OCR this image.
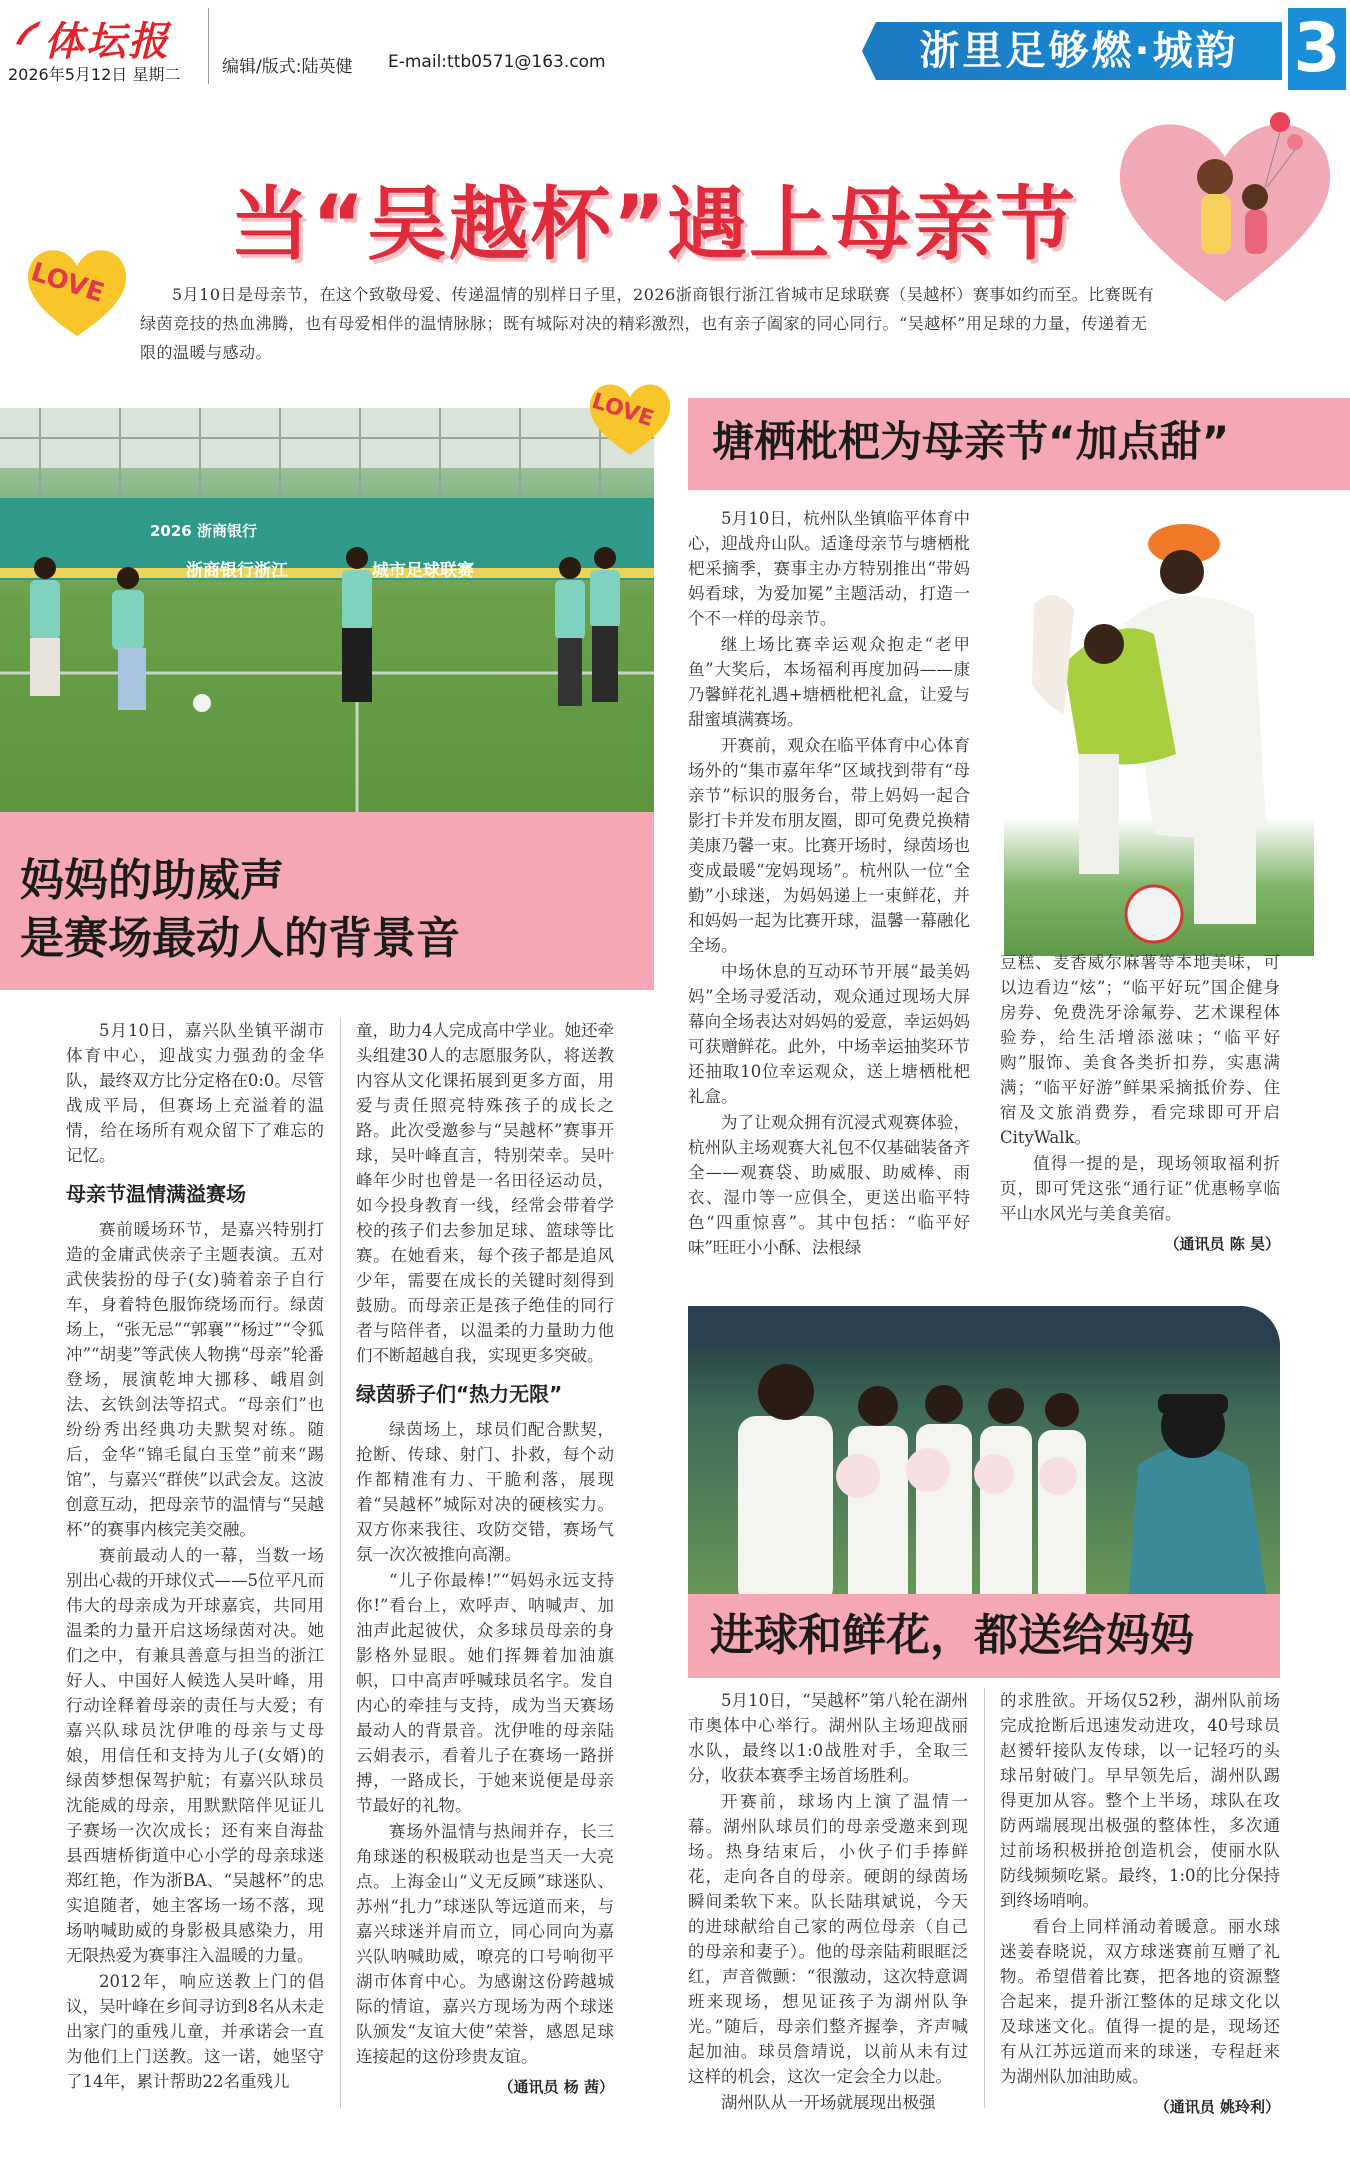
体坛报
2026年5月12日 星期二 编辑/版式:陆英健 E-mail:ttb0571@163.com	浙里足够燃·城韵 3
当“吴越杯”遇上母亲节
LOVE	5月10日是母亲节，在这个致敬母爱、传递温情的别样日子里，2026浙商银行浙江省城市足球联赛（吴越杯）赛事如约而至。比赛既有绿茵竞技的热血沸腾，也有母爱相伴的温情脉脉；既有城际对决的精彩激烈，也有亲子阖家的同心同行。“吴越杯”用足球的力量，传递着无限的温暖与感动。
2026 浙商银行
浙商银行浙江	城市足球联赛
LOVE
妈妈的助威声
是赛场最动人的背景音

5月10日，嘉兴队坐镇平湖市体育中心，迎战实力强劲的金华队，最终双方比分定格在0:0。尽管战成平局，但赛场上充溢着的温情，给在场所有观众留下了难忘的记忆。

母亲节温情满溢赛场

赛前暖场环节，是嘉兴特别打造的金庸武侠亲子主题表演。五对武侠装扮的母子(女)骑着亲子自行车，身着特色服饰绕场而行。绿茵场上，“张无忌”“郭襄”“杨过”“令狐冲”“胡斐”等武侠人物携“母亲”轮番登场，展演乾坤大挪移、峨眉剑法、玄铁剑法等招式。“母亲们”也纷纷秀出经典功夫默契对练。随后，金华“锦毛鼠白玉堂”前来“踢馆”，与嘉兴“群侠”以武会友。这波创意互动，把母亲节的温情与“吴越杯”的赛事内核完美交融。

赛前最动人的一幕，当数一场别出心裁的开球仪式——5位平凡而伟大的母亲成为开球嘉宾，共同用温柔的力量开启这场绿茵对决。她们之中，有兼具善意与担当的浙江好人、中国好人候选人吴叶峰，用行动诠释着母亲的责任与大爱；有嘉兴队球员沈伊唯的母亲与丈母娘，用信任和支持为儿子(女婿)的绿茵梦想保驾护航；有嘉兴队球员沈能威的母亲，用默默陪伴见证儿子赛场一次次成长；还有来自海盐县西塘桥街道中心小学的母亲球迷郑红艳，作为浙BA、“吴越杯”的忠实追随者，她主客场一场不落，现场呐喊助威的身影极具感染力，用无限热爱为赛事注入温暖的力量。

2012年，响应送教上门的倡议，吴叶峰在乡间寻访到8名从未走出家门的重残儿童，并承诺会一直为他们上门送教。这一诺，她坚守了14年，累计帮助22名重残儿

童，助力4人完成高中学业。她还牵头组建30人的志愿服务队，将送教内容从文化课拓展到更多方面，用爱与责任照亮特殊孩子的成长之路。此次受邀参与“吴越杯”赛事开球，吴叶峰直言，特别荣幸。吴叶峰年少时也曾是一名田径运动员，如今投身教育一线，经常会带着学校的孩子们去参加足球、篮球等比赛。在她看来，每个孩子都是追风少年，需要在成长的关键时刻得到鼓励。而母亲正是孩子绝佳的同行者与陪伴者，以温柔的力量助力他们不断超越自我，实现更多突破。

绿茵骄子们“热力无限”

绿茵场上，球员们配合默契，抢断、传球、射门、扑救，每个动作都精准有力、干脆利落，展现着“吴越杯”城际对决的硬核实力。双方你来我往、攻防交错，赛场气氛一次次被推向高潮。

“儿子你最棒!”“妈妈永远支持你!”看台上，欢呼声、呐喊声、加油声此起彼伏，众多球员母亲的身影格外显眼。她们挥舞着加油旗帜，口中高声呼喊球员名字。发自内心的牵挂与支持，成为当天赛场最动人的背景音。沈伊唯的母亲陆云娟表示，看着儿子在赛场一路拼搏，一路成长，于她来说便是母亲节最好的礼物。

赛场外温情与热闹并存，长三角球迷的积极联动也是当天一大亮点。上海金山“义无反顾”球迷队、苏州“扎力”球迷队等远道而来，与嘉兴球迷并肩而立，同心同向为嘉兴队呐喊助威，嘹亮的口号响彻平湖市体育中心。为感谢这份跨越城际的情谊，嘉兴方现场为两个球迷队颁发“友谊大使”荣誉，感恩足球连接起的这份珍贵友谊。

（通讯员 杨 茜）
塘栖枇杷为母亲节“加点甜”

5月10日，杭州队坐镇临平体育中心，迎战舟山队。适逢母亲节与塘栖枇杷采摘季，赛事主办方特别推出“带妈妈看球，为爱加冕”主题活动，打造一个不一样的母亲节。

继上场比赛幸运观众抱走“老甲鱼”大奖后，本场福利再度加码——康乃馨鲜花礼遇+塘栖枇杷礼盒，让爱与甜蜜填满赛场。

开赛前，观众在临平体育中心体育场外的“集市嘉年华”区域找到带有“母亲节”标识的服务台，带上妈妈一起合影打卡并发布朋友圈，即可免费兑换精美康乃馨一束。比赛开场时，绿茵场也变成最暖“宠妈现场”。杭州队一位“全勤”小球迷，为妈妈递上一束鲜花，并和妈妈一起为比赛开球，温馨一幕融化全场。

中场休息的互动环节开展“最美妈妈”全场寻爱活动，观众通过现场大屏幕向全场表达对妈妈的爱意，幸运妈妈可获赠鲜花。此外，中场幸运抽奖环节还抽取10位幸运观众，送上塘栖枇杷礼盒。

为了让观众拥有沉浸式观赛体验，杭州队主场观赛大礼包不仅基础装备齐全——观赛袋、助威服、助威棒、雨衣、湿巾等一应俱全，更送出临平特色“四重惊喜”。其中包括：“临平好味”旺旺小小酥、法根绿

豆糕、麦香威尔麻薯等本地美味，可以边看边“炫”；“临平好玩”国企健身房券、免费洗牙涂氟券、艺术课程体验券，给生活增添滋味；“临平好购”服饰、美食各类折扣券，实惠满满；“临平好游”鲜果采摘抵价券、住宿及文旅消费券，看完球即可开启CityWalk。

值得一提的是，现场领取福利折页，即可凭这张“通行证”优惠畅享临平山水风光与美食美宿。

（通讯员 陈 昊）
进球和鲜花，都送给妈妈

5月10日，“吴越杯”第八轮在湖州市奥体中心举行。湖州队主场迎战丽水队，最终以1:0战胜对手，全取三分，收获本赛季主场首场胜利。

开赛前，球场内上演了温情一幕。湖州队球员们的母亲受邀来到现场。热身结束后，小伙子们手捧鲜花，走向各自的母亲。硬朗的绿茵场瞬间柔软下来。队长陆琪斌说，今天的进球献给自己家的两位母亲（自己的母亲和妻子）。他的母亲陆莉眼眶泛红，声音微颤：“很激动，这次特意调班来现场，想见证孩子为湖州队争光。”随后，母亲们整齐握拳，齐声喊起加油。球员詹靖说，以前从未有过这样的机会，这次一定会全力以赴。

湖州队从一开场就展现出极强

的求胜欲。开场仅52秒，湖州队前场完成抢断后迅速发动进攻，40号球员赵赟轩接队友传球，以一记轻巧的头球吊射破门。早早领先后，湖州队踢得更加从容。整个上半场，球队在攻防两端展现出极强的整体性，多次通过前场积极拼抢创造机会，使丽水队防线频频吃紧。最终，1:0的比分保持到终场哨响。

看台上同样涌动着暖意。丽水球迷姜春晓说，双方球迷赛前互赠了礼物。希望借着比赛，把各地的资源整合起来，提升浙江整体的足球文化以及球迷文化。值得一提的是，现场还有从江苏远道而来的球迷，专程赶来为湖州队加油助威。

（通讯员 姚玲利）
